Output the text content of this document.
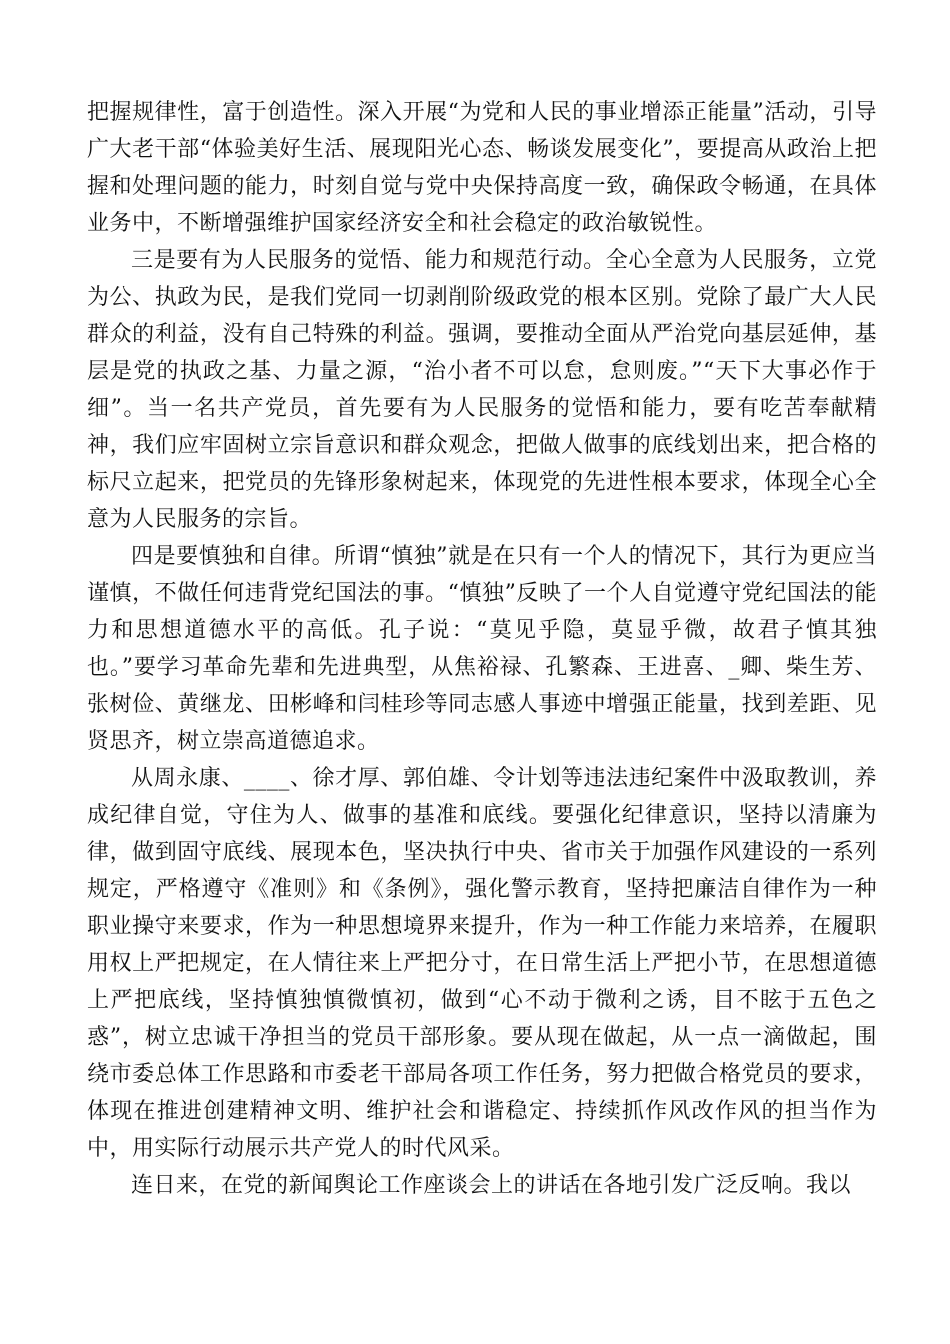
把握规律性，富于创造性。深入开展“为党和人民的事业增添正能量”活动，引导广大老干部“体验美好生活、展现阳光心态、畅谈发展变化”，要提高从政治上把握和处理问题的能力，时刻自觉与党中央保持高度一致，确保政令畅通，在具体业务中，不断增强维护国家经济安全和社会稳定的政治敏锐性。

三是要有为人民服务的觉悟、能力和规范行动。全心全意为人民服务，立党为公、执政为民，是我们党同一切剥削阶级政党的根本区别。党除了最广大人民群众的利益，没有自己特殊的利益。强调，要推动全面从严治党向基层延伸，基层是党的执政之基、力量之源，“治小者不可以怠，怠则废。”“天下大事必作于细”。当一名共产党员，首先要有为人民服务的觉悟和能力，要有吃苦奉献精神，我们应牢固树立宗旨意识和群众观念，把做人做事的底线划出来，把合格的标尺立起来，把党员的先锋形象树起来，体现党的先进性根本要求，体现全心全意为人民服务的宗旨。

四是要慎独和自律。所谓“慎独”就是在只有一个人的情况下，其行为更应当谨慎，不做任何违背党纪国法的事。“慎独”反映了一个人自觉遵守党纪国法的能力和思想道德水平的高低。孔子说：“莫见乎隐，莫显乎微，故君子慎其独也。”要学习革命先辈和先进典型，从焦裕禄、孔繁森、王进喜、_卿、柴生芳、张树俭、黄继龙、田彬峰和闫桂珍等同志感人事迹中增强正能量，找到差距、见贤思齐，树立崇高道德追求。

从周永康、____、徐才厚、郭伯雄、令计划等违法违纪案件中汲取教训，养成纪律自觉，守住为人、做事的基准和底线。要强化纪律意识，坚持以清廉为律，做到固守底线、展现本色，坚决执行中央、省市关于加强作风建设的一系列规定，严格遵守《准则》和《条例》，强化警示教育，坚持把廉洁自律作为一种职业操守来要求，作为一种思想境界来提升，作为一种工作能力来培养，在履职用权上严把规定，在人情往来上严把分寸，在日常生活上严把小节，在思想道德上严把底线，坚持慎独慎微慎初，做到“心不动于微利之诱，目不眩于五色之惑”，树立忠诚干净担当的党员干部形象。要从现在做起，从一点一滴做起，围绕市委总体工作思路和市委老干部局各项工作任务，努力把做合格党员的要求，体现在推进创建精神文明、维护社会和谐稳定、持续抓作风改作风的担当作为中，用实际行动展示共产党人的时代风采。

连日来，在党的新闻舆论工作座谈会上的讲话在各地引发广泛反响。我以
